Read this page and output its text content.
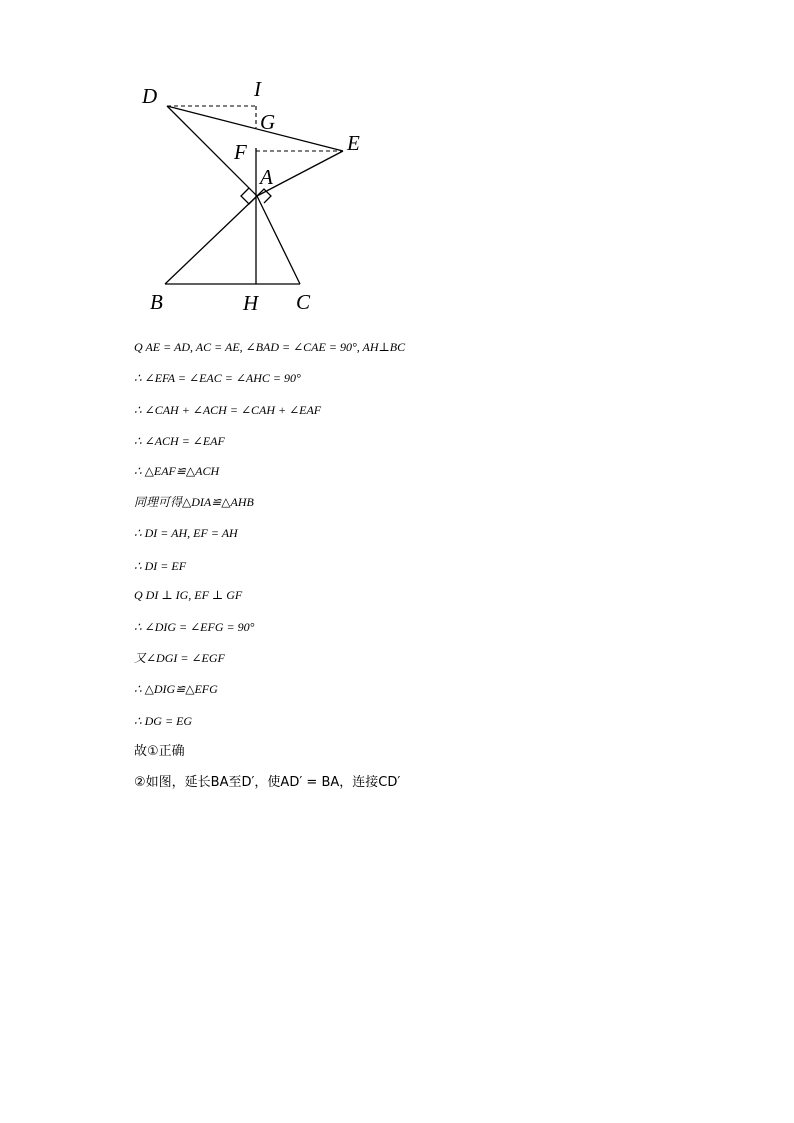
D	I
G
E
F
A
B	H C
Q AE = AD, AC = AE, ∠BAD = ∠CAE = 90°, AH⊥BC
∴ ∠EFA = ∠EAC = ∠AHC = 90°
∴ ∠CAH + ∠ACH = ∠CAH + ∠EAF
∴ ∠ACH = ∠EAF
∴ △EAF≌△ACH
同理可得△DIA≌△AHB
∴ DI = AH, EF = AH
∴ DI = EF
Q DI ⊥ IG, EF ⊥ GF
∴ ∠DIG = ∠EFG = 90°
又∠DGI = ∠EGF
∴ △DIG≌△EFG
∴ DG = EG
故①正确
②如图，延长BA至D′，使AD′ = BA，连接CD′
